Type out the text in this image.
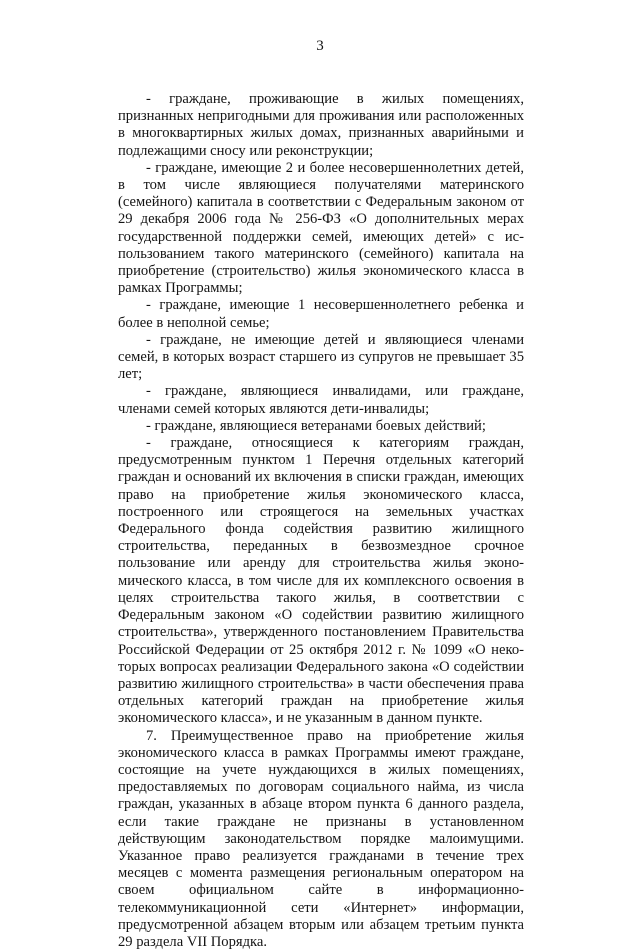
3

- граждане, проживающие в жилых помещениях, признанных непригодными для проживания или расположенных в многоквартирных жилых домах, признанных аварийными и подлежащими сносу или реконструкции;

- граждане, имеющие 2 и более несовершеннолетних детей, в том числе являющиеся получателями материнского (семейного) капитала в соответствии с Федеральным законом от 29 декабря 2006 года № 256-ФЗ «О дополнительных мерах государственной поддержки семей, имеющих детей» с использованием такого материнского (семейного) капитала на приобретение (строительство) жилья экономического класса в рамках Программы;

- граждане, имеющие 1 несовершеннолетнего ребенка и более в неполной семье;

- граждане, не имеющие детей и являющиеся членами семей, в которых возраст старшего из супругов не превышает 35 лет;

- граждане, являющиеся инвалидами, или граждане, членами семей которых являются дети-инвалиды;

- граждане, являющиеся ветеранами боевых действий;

- граждане, относящиеся к категориям граждан, предусмотренным пунктом 1 Перечня отдельных категорий граждан и оснований их включения в списки граждан, имеющих право на приобретение жилья экономического класса, построенного или строящегося на земельных участках Федерального фонда содействия развитию жилищного строительства, переданных в безвозмездное срочное пользование или аренду для строительства жилья экономического класса, в том числе для их комплексного освоения в целях строительства такого жилья, в соответствии с Федеральным законом «О содействии развитию жилищного строительства», утвержденного постановлением Правительства Российской Федерации от 25 октября 2012 г. № 1099 «О некоторых вопросах реализации Федерального закона «О содействии развитию жилищного строительства» в части обеспечения права отдельных категорий граждан на приобретение жилья экономического класса», и не указанным в данном пункте.

7. Преимущественное право на приобретение жилья экономического класса в рамках Программы имеют граждане, состоящие на учете нуждающихся в жилых помещениях, предоставляемых по договорам социального найма, из числа граждан, указанных в абзаце втором пункта 6 данного раздела, если такие граждане не признаны в установленном действующим законодательством порядке малоимущими. Указанное право реализуется гражданами в течение трех месяцев с момента размещения региональным оператором на своем официальном сайте в информационно-телекоммуникационной сети «Интернет» информации, предусмотренной абзацем вторым или абзацем третьим пункта 29 раздела VII Порядка.
